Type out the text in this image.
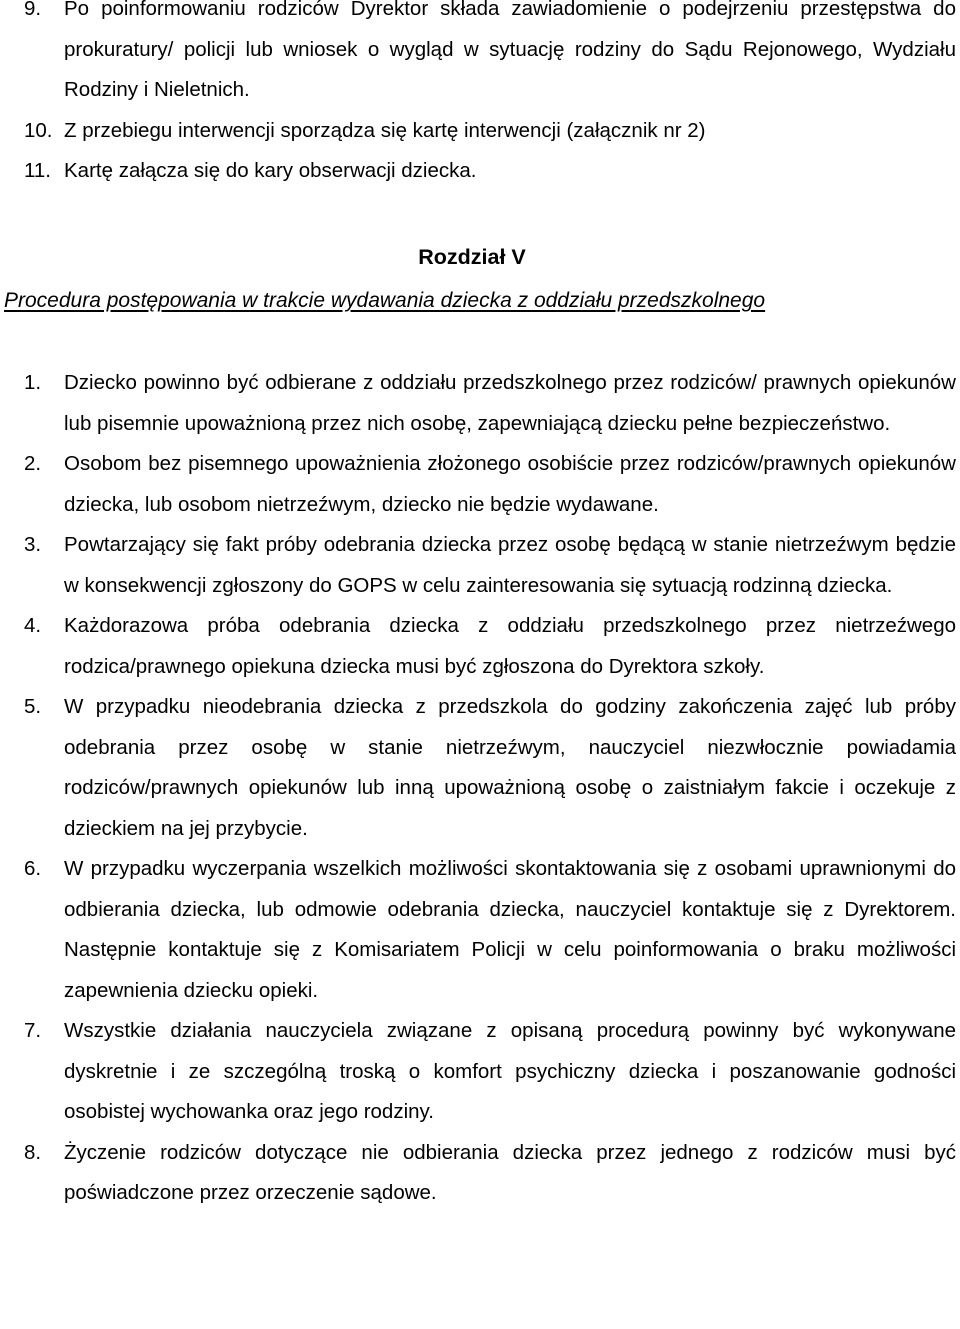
9. Po poinformowaniu rodziców Dyrektor składa zawiadomienie o podejrzeniu przestępstwa do prokuratury/ policji lub wniosek o wygląd w sytuację rodziny do Sądu Rejonowego, Wydziału Rodziny i Nieletnich.
10. Z przebiegu interwencji sporządza się kartę interwencji (załącznik nr 2)
11. Kartę załącza się do kary obserwacji dziecka.
Rozdział V
Procedura postępowania w trakcie wydawania dziecka z oddziału przedszkolnego
1. Dziecko powinno być odbierane z oddziału przedszkolnego przez rodziców/ prawnych opiekunów lub pisemnie upoważnioną przez nich osobę, zapewniającą dziecku pełne bezpieczeństwo.
2. Osobom bez pisemnego upoważnienia złożonego osobiście przez rodziców/prawnych opiekunów dziecka, lub osobom nietrzeźwym, dziecko nie będzie wydawane.
3. Powtarzający się fakt próby odebrania dziecka przez osobę będącą w stanie nietrzeźwym będzie w konsekwencji zgłoszony do GOPS w celu zainteresowania się sytuacją rodzinną dziecka.
4. Każdorazowa próba odebrania dziecka z oddziału przedszkolnego przez nietrzeźwego rodzica/prawnego opiekuna dziecka musi być zgłoszona do Dyrektora szkoły.
5. W przypadku nieodebrania dziecka z przedszkola do godziny zakończenia zajęć lub próby odebrania przez osobę w stanie nietrzeźwym, nauczyciel niezwłocznie powiadamia rodziców/prawnych opiekunów lub inną upoważnioną osobę o zaistniałym fakcie i oczekuje z dzieckiem na jej przybycie.
6. W przypadku wyczerpania wszelkich możliwości skontaktowania się z osobami uprawnionymi do odbierania dziecka, lub odmowie odebrania dziecka, nauczyciel kontaktuje się z Dyrektorem. Następnie kontaktuje się z Komisariatem Policji w celu poinformowania o braku możliwości zapewnienia dziecku opieki.
7. Wszystkie działania nauczyciela związane z opisaną procedurą powinny być wykonywane dyskretnie i ze szczególną troską o komfort psychiczny dziecka i poszanowanie godności osobistej wychowanka oraz jego rodziny.
8. Życzenie rodziców dotyczące nie odbierania dziecka przez jednego z rodziców musi być poświadczone przez orzeczenie sądowe.
